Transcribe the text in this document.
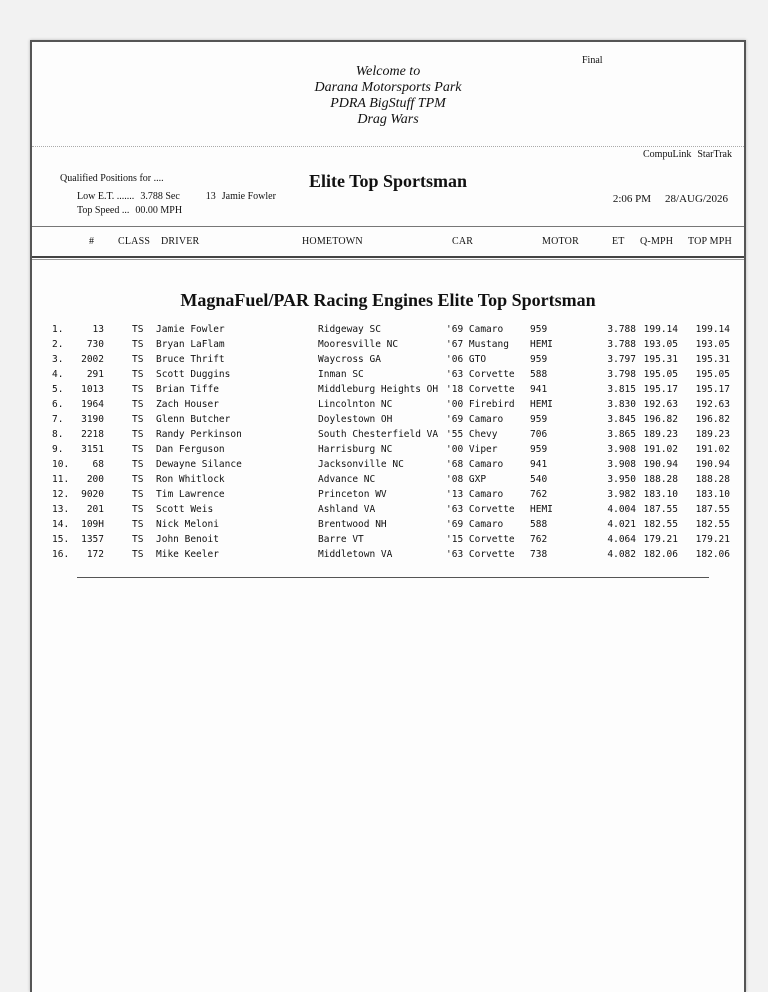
Final
Welcome to
Darana Motorsports Park
PDRA BigStuff TPM
Drag Wars
CompuLink StarTrak
Qualified Positions for ....	Elite Top Sportsman
Low E.T. ....... 3.788 Sec	13 Jamie Fowler
Top Speed ... 00.00 MPH
2:06 PM 28/AUG/2026
# CLASS DRIVER	HOMETOWN	CAR	MOTOR	ET Q-MPH TOP MPH
MagnaFuel/PAR Racing Engines Elite Top Sportsman
1.	13	TS Jamie Fowler	Ridgeway SC	'69 Camaro	959	3.788 199.14	199.14
2.	730	TS Bryan LaFlam	Mooresville NC	'67 Mustang HEMI	3.788 193.05	193.05
3.	2002	TS Bruce Thrift	Waycross GA	'06 GTO	959	3.797 195.31	195.31
4.	291	TS Scott Duggins	Inman SC	'63 Corvette 588	3.798 195.05	195.05
5.	1013	TS Brian Tiffe	Middleburg Heights OH '18 Corvette 941	3.815 195.17	195.17
6.	1964	TS Zach Houser	Lincolnton NC	'00 Firebird HEMI	3.830 192.63	192.63
7.	3190	TS Glenn Butcher	Doylestown OH	'69 Camaro	959	3.845 196.82	196.82
8.	2218	TS Randy Perkinson	South Chesterfield VA '55 Chevy	706	3.865 189.23	189.23
9.	3151	TS Dan Ferguson	Harrisburg NC	'00 Viper	959	3.908 191.02	191.02
10.	68	TS Dewayne Silance	Jacksonville NC	'68 Camaro	941	3.908 190.94	190.94
11.	200	TS Ron Whitlock	Advance NC	'08 GXP	540	3.950 188.28	188.28
12.	9020	TS Tim Lawrence	Princeton WV	'13 Camaro	762	3.982 183.10	183.10
13.	201	TS Scott Weis	Ashland VA	'63 Corvette HEMI	4.004 187.55	187.55
14.	109H	TS Nick Meloni	Brentwood NH	'69 Camaro	588	4.021 182.55	182.55
15.	1357	TS John Benoit	Barre VT	'15 Corvette 762	4.064 179.21	179.21
16.	172	TS Mike Keeler	Middletown VA	'63 Corvette 738	4.082 182.06	182.06
